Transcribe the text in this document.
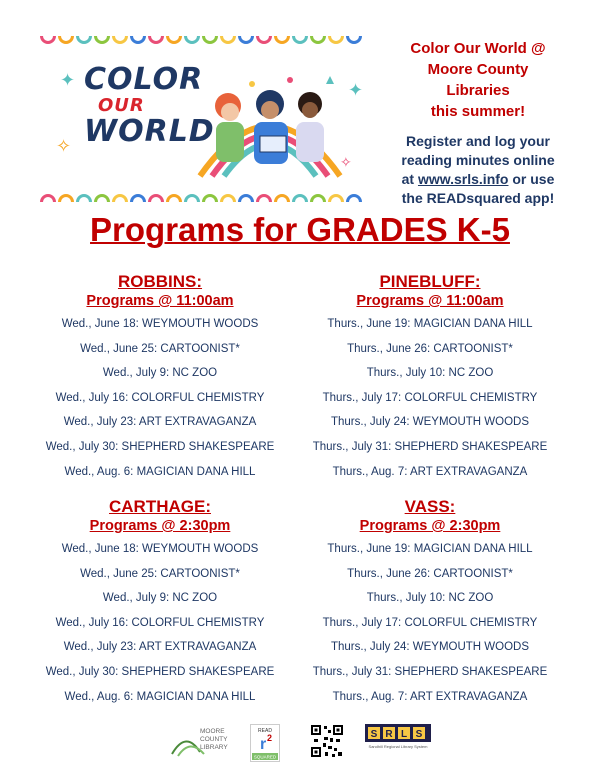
COLOR
OUR
WORLD
✦
✧
✦
✧
Color Our World @
Moore County
Libraries
this summer!
Register and log your
reading minutes online
at www.srls.info or use
the READsquared app!
Programs for GRADES K-5
ROBBINS:
Programs @ 11:00am
Wed., June 18: WEYMOUTH WOODS
Wed., June 25: CARTOONIST*
Wed., July 9: NC ZOO
Wed., July 16: COLORFUL CHEMISTRY
Wed., July 23: ART EXTRAVAGANZA
Wed., July 30: SHEPHERD SHAKESPEARE
Wed., Aug. 6: MAGICIAN DANA HILL
PINEBLUFF:
Programs @ 11:00am
Thurs., June 19: MAGICIAN DANA HILL
Thurs., June 26: CARTOONIST*
Thurs., July 10: NC ZOO
Thurs., July 17: COLORFUL CHEMISTRY
Thurs., July 24: WEYMOUTH WOODS
Thurs., July 31: SHEPHERD SHAKESPEARE
Thurs., Aug. 7: ART EXTRAVAGANZA
CARTHAGE:
Programs @ 2:30pm
Wed., June 18: WEYMOUTH WOODS
Wed., June 25: CARTOONIST*
Wed., July 9: NC ZOO
Wed., July 16: COLORFUL CHEMISTRY
Wed., July 23: ART EXTRAVAGANZA
Wed., July 30: SHEPHERD SHAKESPEARE
Wed., Aug. 6: MAGICIAN DANA HILL
VASS:
Programs @ 2:30pm
Thurs., June 19: MAGICIAN DANA HILL
Thurs., June 26: CARTOONIST*
Thurs., July 10: NC ZOO
Thurs., July 17: COLORFUL CHEMISTRY
Thurs., July 24: WEYMOUTH WOODS
Thurs., July 31: SHEPHERD SHAKESPEARE
Thurs., Aug. 7: ART EXTRAVAGANZA
MOORE
COUNTY
LIBRARY
READ
r 2
SQUARED
S R L S
Sandhill Regional Library System
